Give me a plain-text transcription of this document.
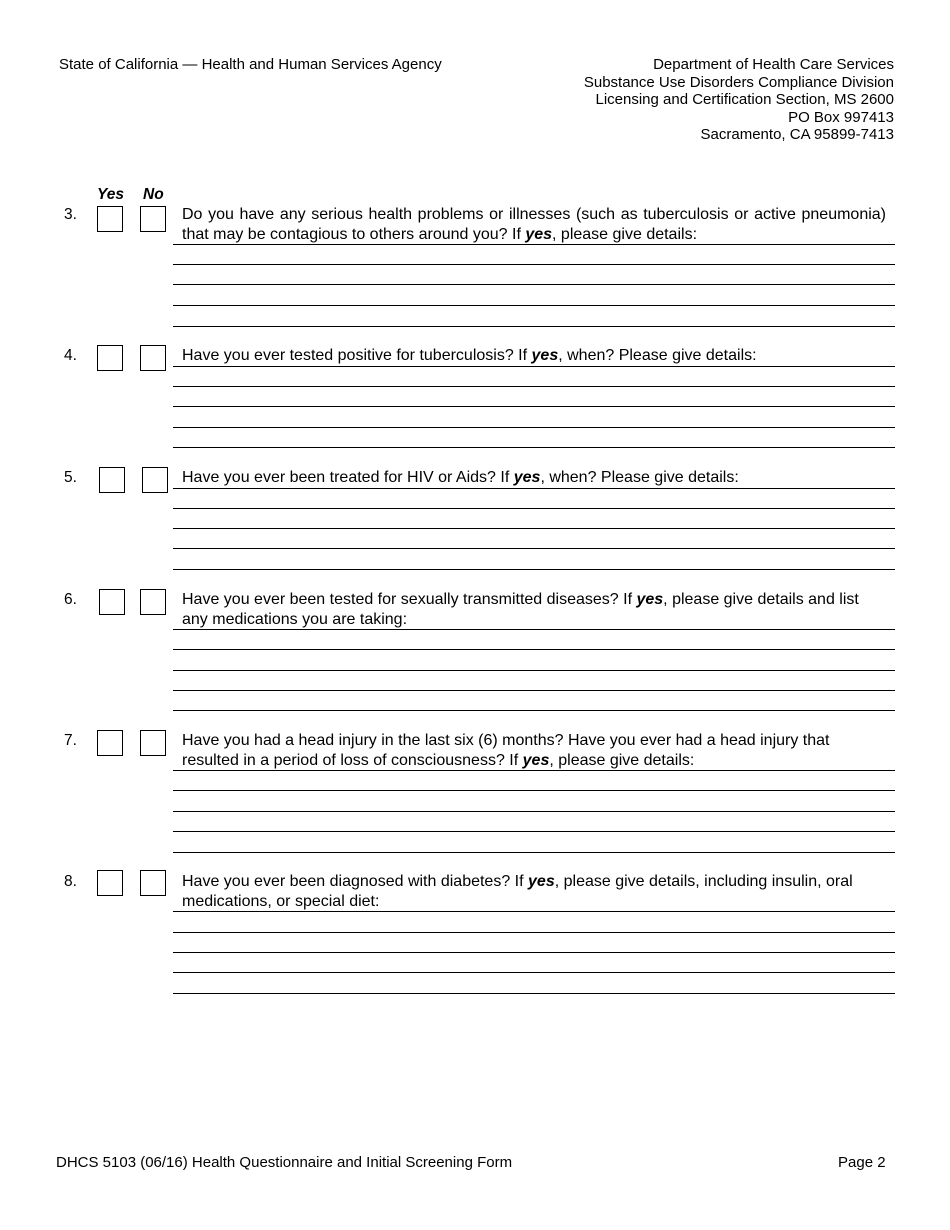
State of California — Health and Human Services Agency	Department of Health Care Services
Substance Use Disorders Compliance Division
Licensing and Certification Section, MS 2600
PO Box 997413
Sacramento, CA 95899-7413
Yes No
3.	Do you have any serious health problems or illnesses (such as tuberculosis or active pneumonia) that may be contagious to others around you? If yes, please give details:
4.	Have you ever tested positive for tuberculosis? If yes, when? Please give details:
5.	Have you ever been treated for HIV or Aids? If yes, when? Please give details:
6.	Have you ever been tested for sexually transmitted diseases? If yes, please give details and list any medications you are taking:
7.	Have you had a head injury in the last six (6) months? Have you ever had a head injury that resulted in a period of loss of consciousness? If yes, please give details:
8.	Have you ever been diagnosed with diabetes? If yes, please give details, including insulin, oral medications, or special diet:
DHCS 5103 (06/16) Health Questionnaire and Initial Screening Form	Page 2
